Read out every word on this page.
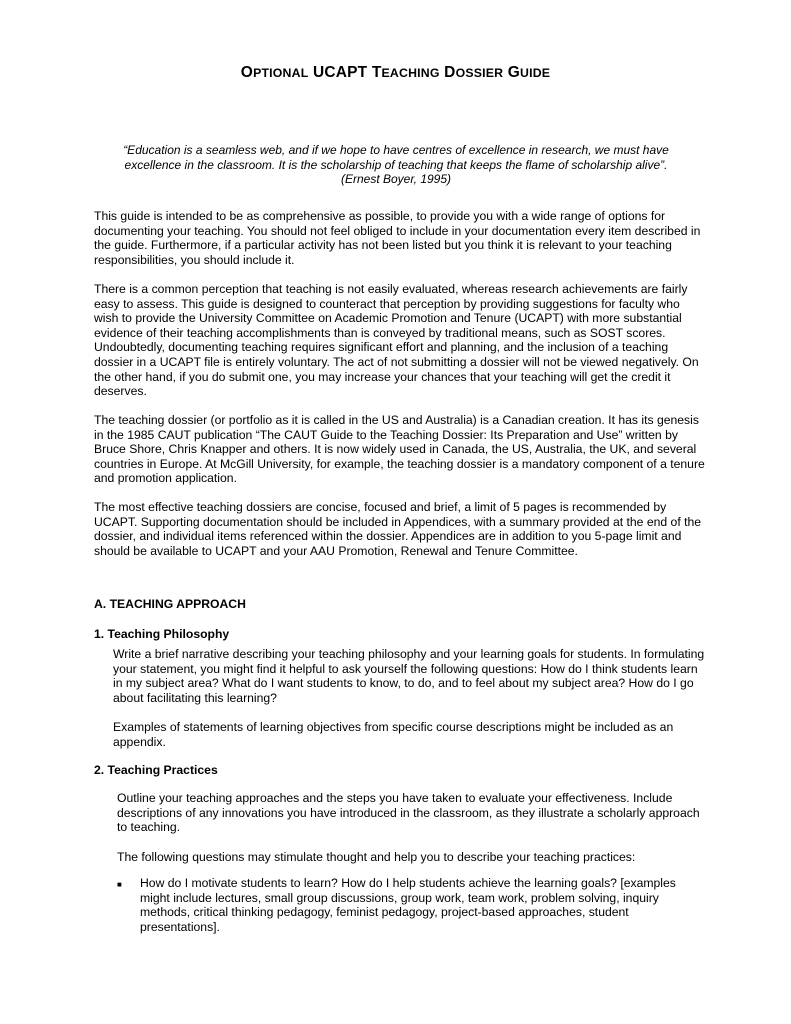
OPTIONAL UCAPT TEACHING DOSSIER GUIDE

“Education is a seamless web, and if we hope to have centres of excellence in research, we must have excellence in the classroom. It is the scholarship of teaching that keeps the flame of scholarship alive”. (Ernest Boyer, 1995)

This guide is intended to be as comprehensive as possible, to provide you with a wide range of options for documenting your teaching. You should not feel obliged to include in your documentation every item described in the guide. Furthermore, if a particular activity has not been listed but you think it is relevant to your teaching responsibilities, you should include it.

There is a common perception that teaching is not easily evaluated, whereas research achievements are fairly easy to assess. This guide is designed to counteract that perception by providing suggestions for faculty who wish to provide the University Committee on Academic Promotion and Tenure (UCAPT) with more substantial evidence of their teaching accomplishments than is conveyed by traditional means, such as SOST scores. Undoubtedly, documenting teaching requires significant effort and planning, and the inclusion of a teaching dossier in a UCAPT file is entirely voluntary. The act of not submitting a dossier will not be viewed negatively. On the other hand, if you do submit one, you may increase your chances that your teaching will get the credit it deserves.

The teaching dossier (or portfolio as it is called in the US and Australia) is a Canadian creation. It has its genesis in the 1985 CAUT publication “The CAUT Guide to the Teaching Dossier: Its Preparation and Use” written by Bruce Shore, Chris Knapper and others. It is now widely used in Canada, the US, Australia, the UK, and several countries in Europe. At McGill University, for example, the teaching dossier is a mandatory component of a tenure and promotion application.

The most effective teaching dossiers are concise, focused and brief, a limit of 5 pages is recommended by UCAPT. Supporting documentation should be included in Appendices, with a summary provided at the end of the dossier, and individual items referenced within the dossier. Appendices are in addition to you 5-page limit and should be available to UCAPT and your AAU Promotion, Renewal and Tenure Committee.

A. TEACHING APPROACH

1. Teaching Philosophy

Write a brief narrative describing your teaching philosophy and your learning goals for students. In formulating your statement, you might find it helpful to ask yourself the following questions: How do I think students learn in my subject area? What do I want students to know, to do, and to feel about my subject area? How do I go about facilitating this learning?

Examples of statements of learning objectives from specific course descriptions might be included as an appendix.

2. Teaching Practices

Outline your teaching approaches and the steps you have taken to evaluate your effectiveness. Include descriptions of any innovations you have introduced in the classroom, as they illustrate a scholarly approach to teaching.

The following questions may stimulate thought and help you to describe your teaching practices:

■ How do I motivate students to learn? How do I help students achieve the learning goals? [examples might include lectures, small group discussions, group work, team work, problem solving, inquiry methods, critical thinking pedagogy, feminist pedagogy, project-based approaches, student presentations].
